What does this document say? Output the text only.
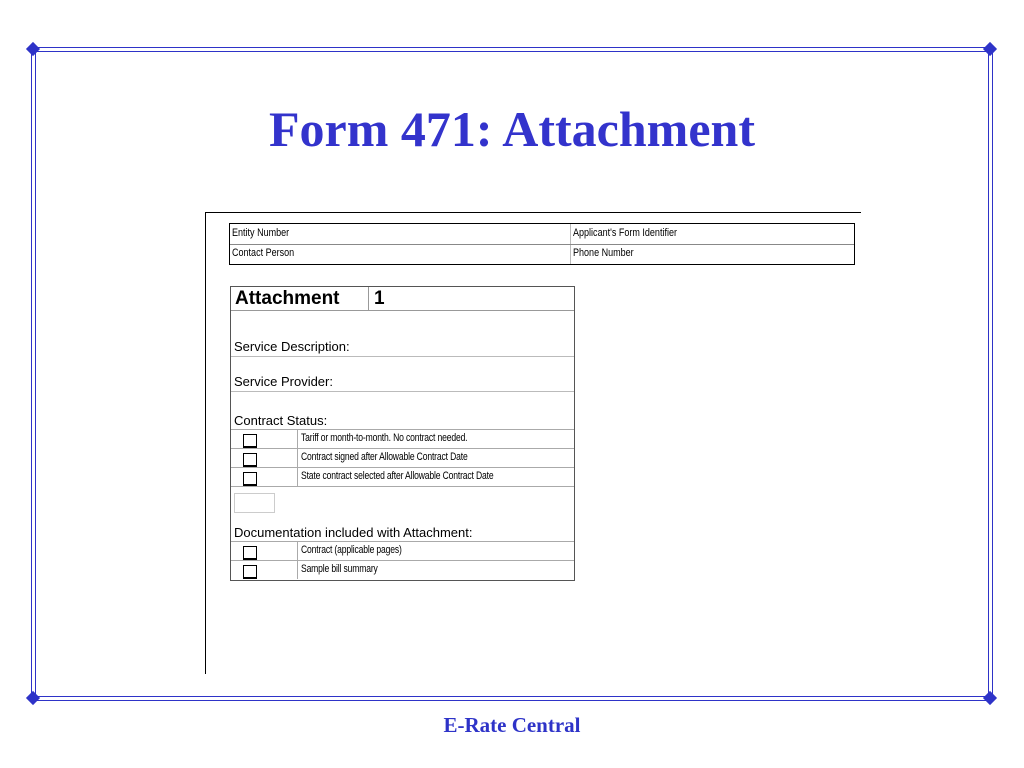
Form 471: Attachment
Entity Number	Applicant's Form Identifier
Contact Person	Phone Number
Attachment 1
Service Description:
Service Provider:
Contract Status:
Tariff or month-to-month. No contract needed.
Contract signed after Allowable Contract Date
State contract selected after Allowable Contract Date
Documentation included with Attachment:
Contract (applicable pages)
Sample bill summary
E-Rate Central
